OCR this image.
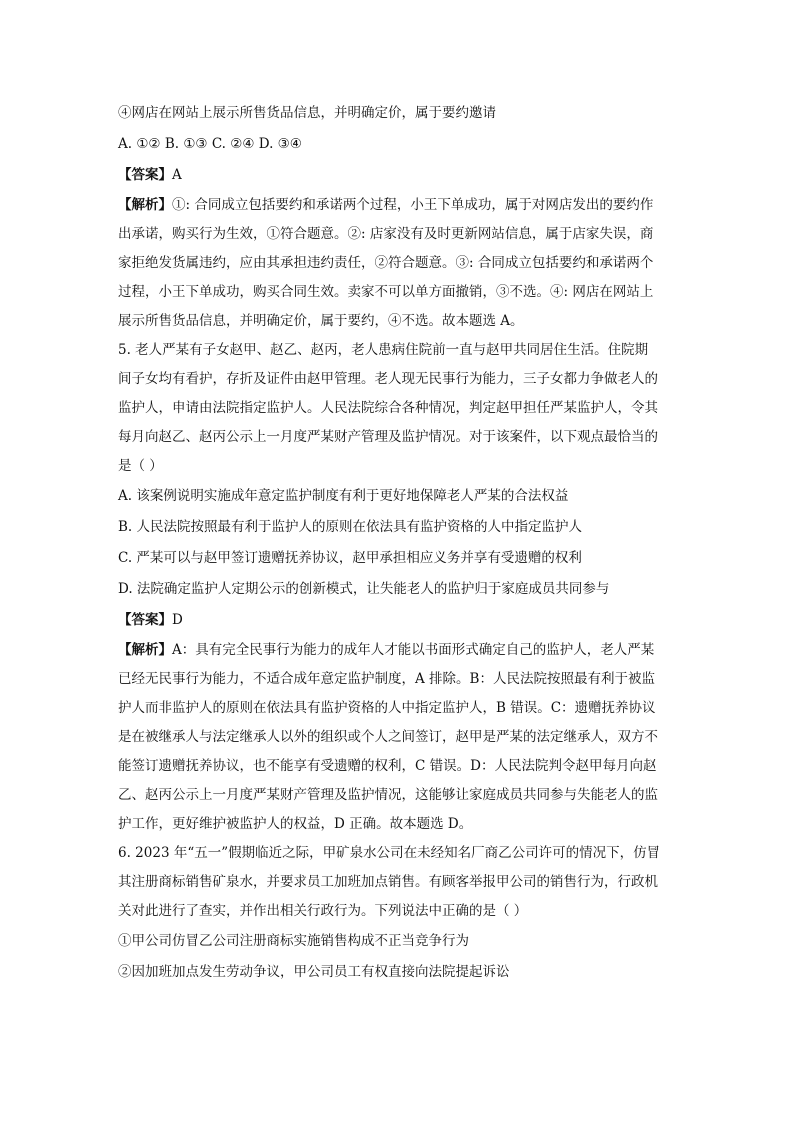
④网店在网站上展示所售货品信息，并明确定价，属于要约邀请

A. ①② B. ①③ C. ②④ D. ③④

【答案】A

【解析】①: 合同成立包括要约和承诺两个过程，小王下单成功，属于对网店发出的要约作
出承诺，购买行为生效，①符合题意。②: 店家没有及时更新网站信息，属于店家失误，商
家拒绝发货属违约，应由其承担违约责任，②符合题意。③: 合同成立包括要约和承诺两个
过程，小王下单成功，购买合同生效。卖家不可以单方面撤销，③不选。④: 网店在网站上
展示所售货品信息，并明确定价，属于要约，④不选。故本题选 A。
5. 老人严某有子女赵甲、赵乙、赵丙，老人患病住院前一直与赵甲共同居住生活。住院期
间子女均有看护，存折及证件由赵甲管理。老人现无民事行为能力，三子女都力争做老人的
监护人，申请由法院指定监护人。人民法院综合各种情况，判定赵甲担任严某监护人，令其
每月向赵乙、赵丙公示上一月度严某财产管理及监护情况。对于该案件，以下观点最恰当的
是（ ）

A. 该案例说明实施成年意定监护制度有利于更好地保障老人严某的合法权益

B. 人民法院按照最有利于监护人的原则在依法具有监护资格的人中指定监护人

C. 严某可以与赵甲签订遗赠抚养协议，赵甲承担相应义务并享有受遗赠的权利

D. 法院确定监护人定期公示的创新模式，让失能老人的监护归于家庭成员共同参与

【答案】D

【解析】A：具有完全民事行为能力的成年人才能以书面形式确定自己的监护人，老人严某
已经无民事行为能力，不适合成年意定监护制度，A 排除。B：人民法院按照最有利于被监
护人而非监护人的原则在依法具有监护资格的人中指定监护人，B 错误。C：遗赠抚养协议
是在被继承人与法定继承人以外的组织或个人之间签订，赵甲是严某的法定继承人，双方不
能签订遗赠抚养协议，也不能享有受遗赠的权利，C 错误。D：人民法院判令赵甲每月向赵
乙、赵丙公示上一月度严某财产管理及监护情况，这能够让家庭成员共同参与失能老人的监
护工作，更好维护被监护人的权益，D 正确。故本题选 D。
6. 2023 年“五一”假期临近之际，甲矿泉水公司在未经知名厂商乙公司许可的情况下，仿冒
其注册商标销售矿泉水，并要求员工加班加点销售。有顾客举报甲公司的销售行为，行政机
关对此进行了查实，并作出相关行政行为。下列说法中正确的是（ ）

①甲公司仿冒乙公司注册商标实施销售构成不正当竞争行为

②因加班加点发生劳动争议，甲公司员工有权直接向法院提起诉讼
